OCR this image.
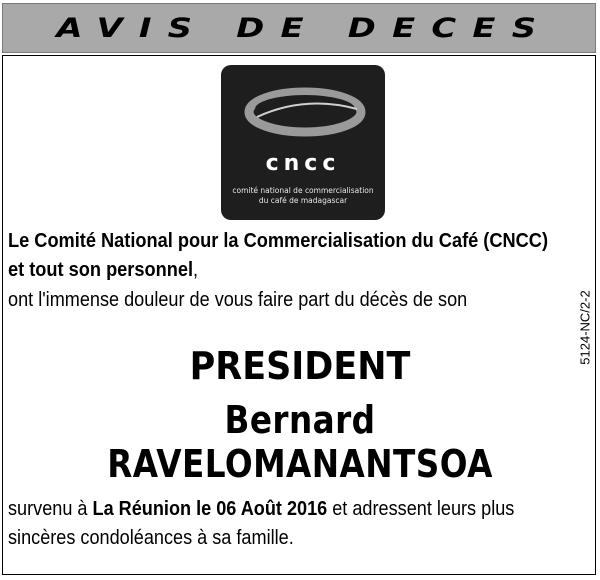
AVIS DE DECES
cncc
comité national de commercialisation
du café de madagascar
Le Comité National pour la Commercialisation du Café (CNCC)
et tout son personnel,
ont l'immense douleur de vous faire part du décès de son
PRESIDENT
Bernard RAVELOMANANTSOA
survenu à La Réunion le 06 Août 2016 et adressent leurs plus
sincères condoléances à sa famille.
5124-NC/2-2
